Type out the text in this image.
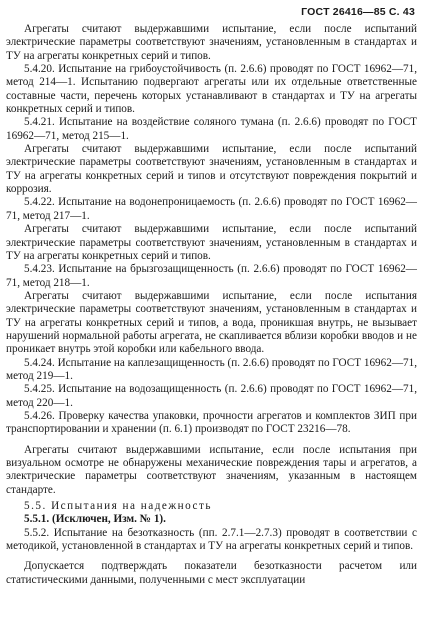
ГОСТ 26416—85 С. 43

Агрегаты считают выдержавшими испытание, если после испытаний электрические параметры соответствуют значениям, установленным в стандартах и ТУ на агрегаты конкретных серий и типов.

5.4.20. Испытание на грибоустойчивость (п. 2.6.6) проводят по ГОСТ 16962—71, метод 214—1. Испытанию подвергают агрегаты или их отдельные ответственные составные части, перечень которых устанавливают в стандартах и ТУ на агрегаты конкретных серий и типов.

5.4.21. Испытание на воздействие соляного тумана (п. 2.6.6) проводят по ГОСТ 16962—71, метод 215—1.

Агрегаты считают выдержавшими испытание, если после испытаний электрические параметры соответствуют значениям, установленным в стандартах и ТУ на агрегаты конкретных серий и типов и отсутствуют повреждения покрытий и коррозия.

5.4.22. Испытание на водонепроницаемость (п. 2.6.6) проводят по ГОСТ 16962—71, метод 217—1.

Агрегаты считают выдержавшими испытание, если после испытаний электрические параметры соответствуют значениям, установленным в стандартах и ТУ на агрегаты конкретных серий и типов.

5.4.23. Испытание на брызгозащищенность (п. 2.6.6) проводят по ГОСТ 16962—71, метод 218—1.

Агрегаты считают выдержавшими испытание, если после испытания электрические параметры соответствуют значениям, установленным в стандартах и ТУ на агрегаты конкретных серий и типов, а вода, проникшая внутрь, не вызывает нарушений нормальной работы агрегата, не скапливается вблизи коробки вводов и не проникает внутрь этой коробки или кабельного ввода.

5.4.24. Испытание на каплезащищенность (п. 2.6.6) проводят по ГОСТ 16962—71, метод 219—1.

5.4.25. Испытание на водозащищенность (п. 2.6.6) проводят по ГОСТ 16962—71, метод 220—1.

5.4.26. Проверку качества упаковки, прочности агрегатов и комплектов ЗИП при транспортировании и хранении (п. 6.1) производят по ГОСТ 23216—78.

Агрегаты считают выдержавшими испытание, если после испытания при визуальном осмотре не обнаружены механические повреждения тары и агрегатов, а электрические параметры соответствуют значениям, указанным в настоящем стандарте.

5.5. Испытания на надежность

5.5.1. (Исключен, Изм. № 1).

5.5.2. Испытание на безотказность (пп. 2.7.1—2.7.3) проводят в соответствии с методикой, установленной в стандартах и ТУ на агрегаты конкретных серий и типов.

Допускается подтверждать показатели безотказности расчетом или статистическими данными, полученными с мест эксплуатации
